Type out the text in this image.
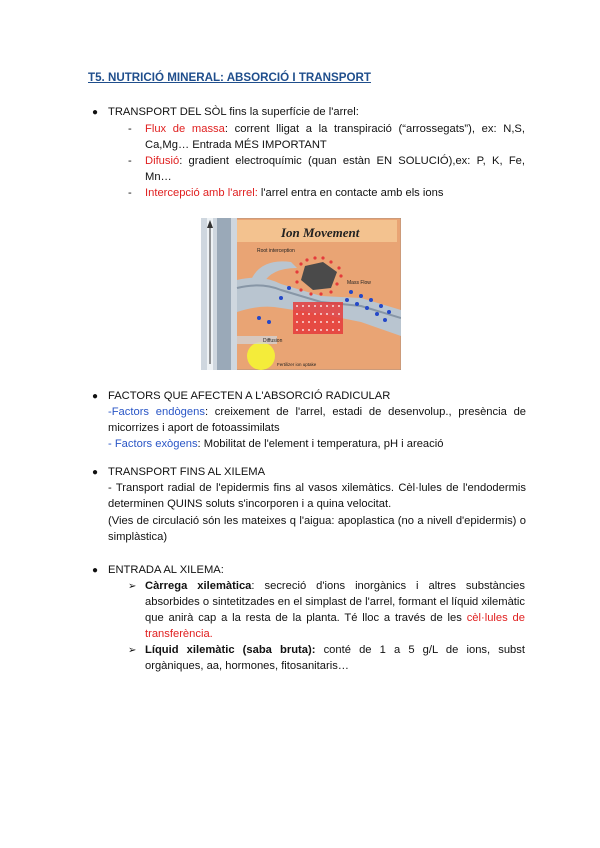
T5. NUTRICIÓ MINERAL: ABSORCIÓ I TRANSPORT
● TRANSPORT DEL SÒL fins la superfície de l'arrel:
- Flux de massa: corrent lligat a la transpiració (“arrossegats”), ex: N,S, Ca,Mg… Entrada MÉS IMPORTANT
- Difusió: gradient electroquímic (quan estàn EN SOLUCIÓ),ex: P, K, Fe, Mn…
- Intercepció amb l'arrel: l'arrel entra en contacte amb els ions
Ion Movement
Root interception
Mass Flow
Diffusion
Fertilizer ion uptake
● FACTORS QUE AFECTEN A L'ABSORCIÓ RADICULAR
-Factors endògens: creixement de l'arrel, estadi de desenvolup., presència de micorrizes i aport de fotoassimilats
- Factors exògens: Mobilitat de l'element i temperatura, pH i areació
● TRANSPORT FINS AL XILEMA
- Transport radial de l'epidermis fins al vasos xilemàtics. Cèl·lules de l'endodermis determinen QUINS soluts s'incorporen i a quina velocitat.
(Vies de circulació són les mateixes q l'aigua: apoplastica (no a nivell d'epidermis) o simplàstica)
● ENTRADA AL XILEMA:
➢ Càrrega xilemàtica: secreció d'ions inorgànics i altres substàncies absorbides o sintetitzades en el simplast de l'arrel, formant el líquid xilemàtic que anirà cap a la resta de la planta. Té lloc a través de les cèl·lules de transferència.
➢ Líquid xilemàtic (saba bruta): conté de 1 a 5 g/L de ions, subst orgàniques, aa, hormones, fitosanitaris…
